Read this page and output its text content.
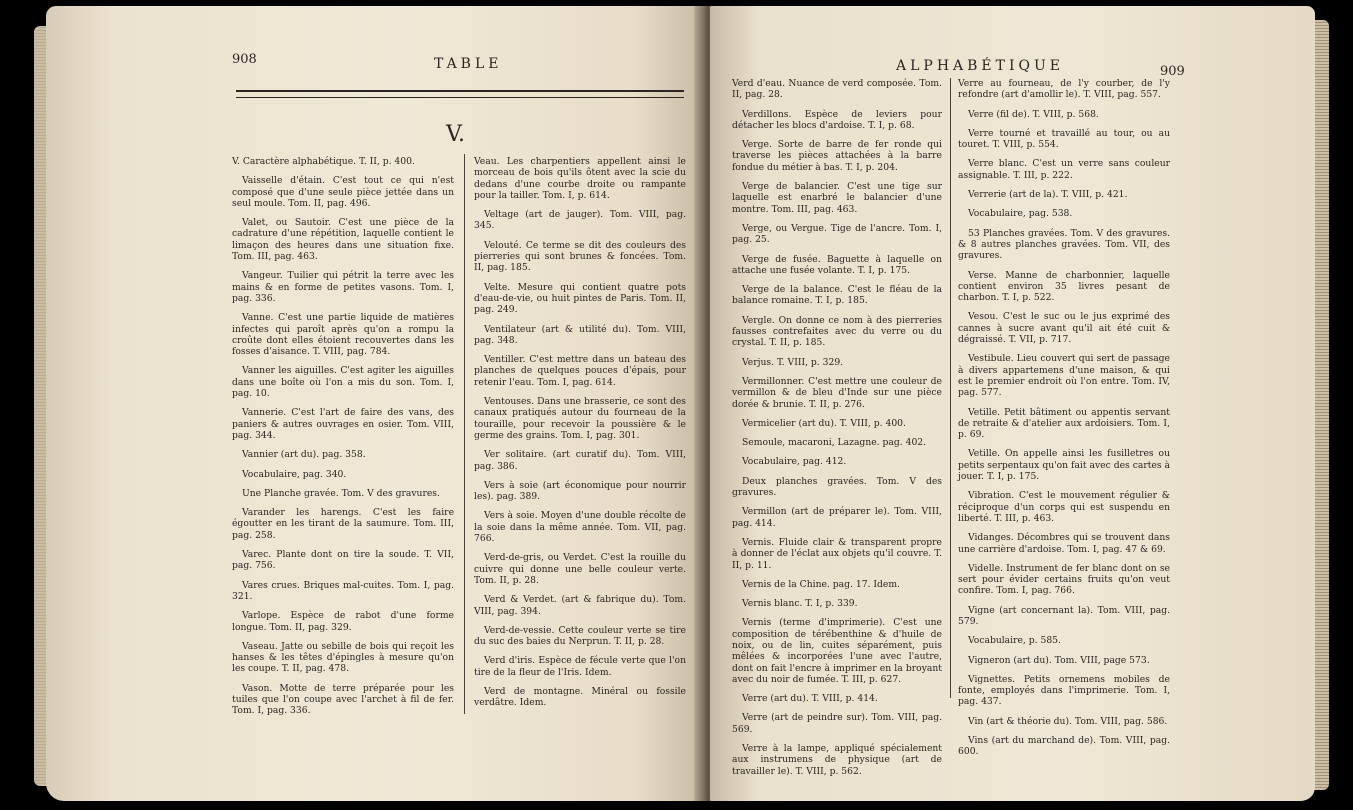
908	TABLE
V.

V. Caractère alphabétique. T. II, p. 400.

Vaisselle d'étain. C'est tout ce qui n'est composé que d'une seule pièce jettée dans un seul moule. Tom. II, pag. 496.

Valet, ou Sautoir. C'est une pièce de la cadrature d'une répétition, laquelle contient le limaçon des heures dans une situation fixe. Tom. III, pag. 463.

Vangeur. Tuilier qui pétrit la terre avec les mains & en forme de petites vasons. Tom. I, pag. 336.

Vanne. C'est une partie liquide de matières infectes qui paroît après qu'on a rompu la croûte dont elles étoient recouvertes dans les fosses d'aisance. T. VIII, pag. 784.

Vanner les aiguilles. C'est agiter les aiguilles dans une boîte où l'on a mis du son. Tom. I, pag. 10.

Vannerie. C'est l'art de faire des vans, des paniers & autres ouvrages en osier. Tom. VIII, pag. 344.

Vannier (art du). pag. 358.

Vocabulaire, pag. 340.

Une Planche gravée. Tom. V des gravures.

Varander les harengs. C'est les faire égoutter en les tirant de la saumure. Tom. III, pag. 258.

Varec. Plante dont on tire la soude. T. VII, pag. 756.

Vares crues. Briques mal-cuites. Tom. I, pag. 321.

Varlope. Espèce de rabot d'une forme longue. Tom. II, pag. 329.

Vaseau. Jatte ou sebille de bois qui reçoit les hanses & les têtes d'épingles à mesure qu'on les coupe. T. II, pag. 478.

Vason. Motte de terre préparée pour les tuiles que l'on coupe avec l'archet à fil de fer. Tom. I, pag. 336.

Veau. Les charpentiers appellent ainsi le morceau de bois qu'ils ôtent avec la scie du dedans d'une courbe droite ou rampante pour la tailler. Tom. I, p. 614.

Veltage (art de jauger). Tom. VIII, pag. 345.

Velouté. Ce terme se dit des couleurs des pierreries qui sont brunes & foncées. Tom. II, pag. 185.

Velte. Mesure qui contient quatre pots d'eau-de-vie, ou huit pintes de Paris. Tom. II, pag. 249.

Ventilateur (art & utilité du). Tom. VIII, pag. 348.

Ventiller. C'est mettre dans un bateau des planches de quelques pouces d'épais, pour retenir l'eau. Tom. I, pag. 614.

Ventouses. Dans une brasserie, ce sont des canaux pratiqués autour du fourneau de la touraille, pour recevoir la poussière & le germe des grains. Tom. I, pag. 301.

Ver solitaire. (art curatif du). Tom. VIII, pag. 386.

Vers à soie (art économique pour nourrir les). pag. 389.

Vers à soie. Moyen d'une double récolte de la soie dans la même année. Tom. VII, pag. 766.

Verd-de-gris, ou Verdet. C'est la rouille du cuivre qui donne une belle couleur verte. Tom. II, p. 28.

Verd & Verdet. (art & fabrique du). Tom. VIII, pag. 394.

Verd-de-vessie. Cette couleur verte se tire du suc des baies du Nerprun. T. II, p. 28.

Verd d'iris. Espèce de fécule verte que l'on tire de la fleur de l'Iris. Idem.

Verd de montagne. Minéral ou fossile verdâtre. Idem.

ALPHABÉTIQUE	909

Verd d'eau. Nuance de verd composée. Tom. II, pag. 28.

Verdillons. Espèce de leviers pour détacher les blocs d'ardoise. T. I, p. 68.

Verge. Sorte de barre de fer ronde qui traverse les pièces attachées à la barre fondue du métier à bas. T. I, p. 204.

Verge de balancier. C'est une tige sur laquelle est enarbré le balancier d'une montre. Tom. III, pag. 463.

Verge, ou Vergue. Tige de l'ancre. Tom. I, pag. 25.

Verge de fusée. Baguette à laquelle on attache une fusée volante. T. I, p. 175.

Verge de la balance. C'est le fléau de la balance romaine. T. I, p. 185.

Vergle. On donne ce nom à des pierreries fausses contrefaites avec du verre ou du crystal. T. II, p. 185.

Verjus. T. VIII, p. 329.

Vermillonner. C'est mettre une couleur de vermillon & de bleu d'Inde sur une pièce dorée & brunie. T. II, p. 276.

Vermicelier (art du). T. VIII, p. 400.

Semoule, macaroni, Lazagne. pag. 402.

Vocabulaire, pag. 412.

Deux planches gravées. Tom. V des gravures.

Vermillon (art de préparer le). Tom. VIII, pag. 414.

Vernis. Fluide clair & transparent propre à donner de l'éclat aux objets qu'il couvre. T. II, p. 11.

Vernis de la Chine. pag. 17. Idem.

Vernis blanc. T. I, p. 339.

Vernis (terme d'imprimerie). C'est une composition de térébenthine & d'huile de noix, ou de lin, cuites séparément, puis mêlées & incorporées l'une avec l'autre, dont on fait l'encre à imprimer en la broyant avec du noir de fumée. T. III, p. 627.

Verre (art du). T. VIII, p. 414.

Verre (art de peindre sur). Tom. VIII, pag. 569.

Verre à la lampe, appliqué spécialement aux instrumens de physique (art de travailler le). T. VIII, p. 562.

Verre au fourneau, de l'y courber, de l'y refondre (art d'amollir le). T. VIII, pag. 557.

Verre (fil de). T. VIII, p. 568.

Verre tourné et travaillé au tour, ou au touret. T. VIII, p. 554.

Verre blanc. C'est un verre sans couleur assignable. T. III, p. 222.

Verrerie (art de la). T. VIII, p. 421.

Vocabulaire, pag. 538.

53 Planches gravées. Tom. V des gravures. & 8 autres planches gravées. Tom. VII, des gravures.

Verse. Manne de charbonnier, laquelle contient environ 35 livres pesant de charbon. T. I, p. 522.

Vesou. C'est le suc ou le jus exprimé des cannes à sucre avant qu'il ait été cuit & dégraissé. T. VII, p. 717.

Vestibule. Lieu couvert qui sert de passage à divers appartemens d'une maison, & qui est le premier endroit où l'on entre. Tom. IV, pag. 577.

Vetille. Petit bâtiment ou appentis servant de retraite & d'atelier aux ardoisiers. Tom. I, p. 69.

Vetille. On appelle ainsi les fusilletres ou petits serpentaux qu'on fait avec des cartes à jouer. T. I, p. 175.

Vibration. C'est le mouvement régulier & réciproque d'un corps qui est suspendu en liberté. T. III, p. 463.

Vidanges. Décombres qui se trouvent dans une carrière d'ardoise. Tom. I, pag. 47 & 69.

Videlle. Instrument de fer blanc dont on se sert pour évider certains fruits qu'on veut confire. Tom. I, pag. 766.

Vigne (art concernant la). Tom. VIII, pag. 579.

Vocabulaire, p. 585.

Vigneron (art du). Tom. VIII, page 573.

Vignettes. Petits ornemens mobiles de fonte, employés dans l'imprimerie. Tom. I, pag. 437.

Vin (art & théorie du). Tom. VIII, pag. 586.

Vins (art du marchand de). Tom. VIII, pag. 600.
